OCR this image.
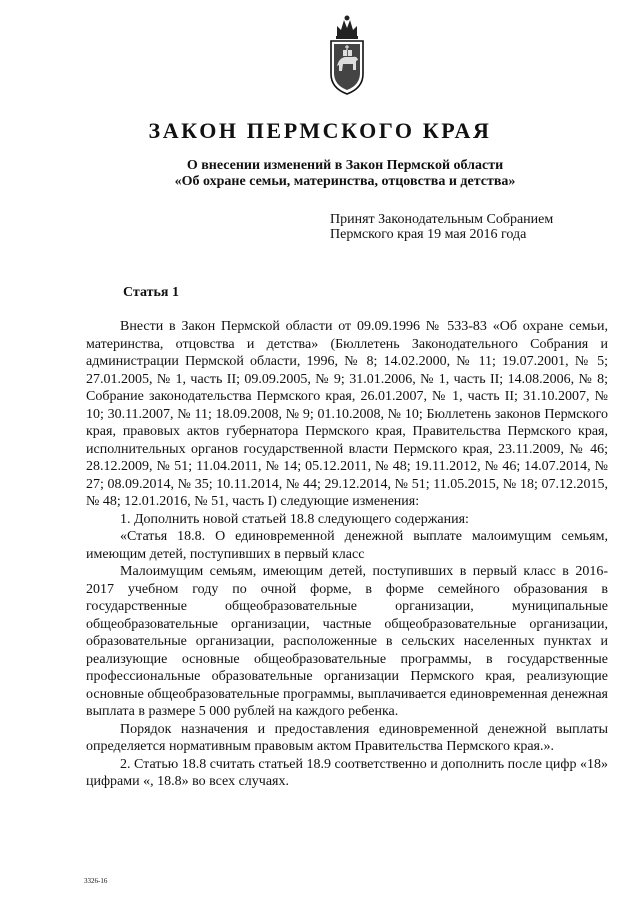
ЗАКОН ПЕРМСКОГО КРАЯ
О внесении изменений в Закон Пермской области
«Об охране семьи, материнства, отцовства и детства»
Принят Законодательным Собранием
Пермского края 19 мая 2016 года
Статья 1

Внести в Закон Пермской области от 09.09.1996 № 533-83 «Об охране семьи, материнства, отцовства и детства» (Бюллетень Законодательного Собрания и администрации Пермской области, 1996, № 8; 14.02.2000, № 11; 19.07.2001, № 5; 27.01.2005, № 1, часть II; 09.09.2005, № 9; 31.01.2006, № 1, часть II; 14.08.2006, № 8; Собрание законодательства Пермского края, 26.01.2007, № 1, часть II; 31.10.2007, № 10; 30.11.2007, № 11; 18.09.2008, № 9; 01.10.2008, № 10; Бюллетень законов Пермского края, правовых актов губернатора Пермского края, Правительства Пермского края, исполнительных органов государственной власти Пермского края, 23.11.2009, № 46; 28.12.2009, № 51; 11.04.2011, № 14; 05.12.2011, № 48; 19.11.2012, № 46; 14.07.2014, № 27; 08.09.2014, № 35; 10.11.2014, № 44; 29.12.2014, № 51; 11.05.2015, № 18; 07.12.2015, № 48; 12.01.2016, № 51, часть I) следующие изменения:

1. Дополнить новой статьей 18.8 следующего содержания:

«Статья 18.8. О единовременной денежной выплате малоимущим семьям, имеющим детей, поступивших в первый класс

Малоимущим семьям, имеющим детей, поступивших в первый класс в 2016-2017 учебном году по очной форме, в форме семейного образования в государственные общеобразовательные организации, муниципальные общеобразовательные организации, частные общеобразовательные организации, образовательные организации, расположенные в сельских населенных пунктах и реализующие основные общеобразовательные программы, в государственные профессиональные образовательные организации Пермского края, реализующие основные общеобразовательные программы, выплачивается единовременная денежная выплата в размере 5 000 рублей на каждого ребенка.

Порядок назначения и предоставления единовременной денежной выплаты определяется нормативным правовым актом Правительства Пермского края.».

2. Статью 18.8 считать статьей 18.9 соответственно и дополнить после цифр «18» цифрами «, 18.8» во всех случаях.

3326-16
